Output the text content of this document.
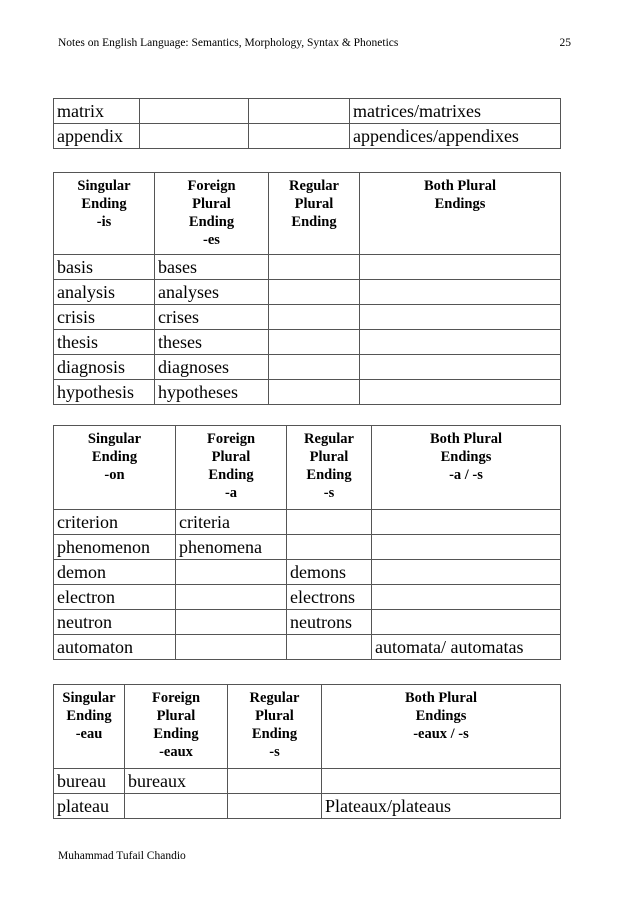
Notes on English Language: Semantics, Morphology, Syntax & Phonetics	25
matrix			matrices/matrixes
appendix			appendices/appendixes
Singular
Ending
-is	Foreign
Plural
Ending
-es	Regular
Plural
Ending	Both Plural
Endings

basis	bases		
analysis	analyses		
crisis	crises		
thesis	theses		
diagnosis	diagnoses		
hypothesis	hypotheses		
Singular
Ending
-on	Foreign
Plural
Ending
-a	Regular
Plural
Ending
-s	Both Plural
Endings
-a / -s

criterion	criteria		
phenomenon	phenomena		
demon		demons	
electron		electrons	
neutron		neutrons	
automaton			automata/ automatas
Singular
Ending
-eau	Foreign
Plural
Ending
-eaux	Regular
Plural
Ending
-s	Both Plural
Endings
-eaux / -s

bureau	bureaux		
plateau			Plateaux/plateaus
Muhammad Tufail Chandio
